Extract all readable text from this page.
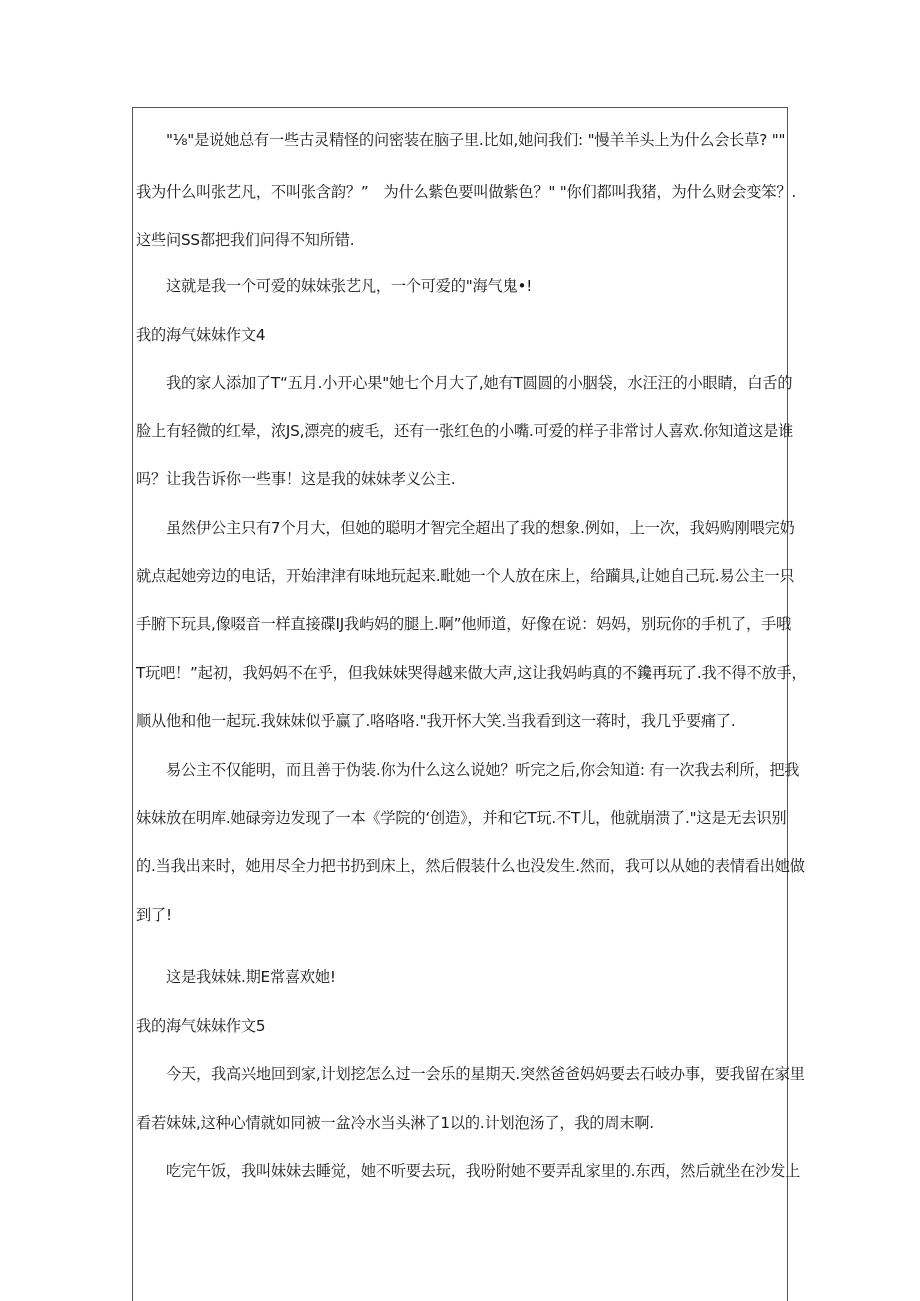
"⅛"是说她总有一些古灵精怪的问密装在脑子里.比如,她问我们: "慢羊羊头上为什么会长草? ""
我为什么叫张艺凡，不叫张含韵？”　为什么紫色要叫做紫色？" "你们都叫我猪，为什么财会变笨？.
这些问SS都把我们问得不知所错.
这就是我一个可爱的妹妹张艺凡，一个可爱的"海气鬼•!
我的海气妹妹作文4
我的家人添加了T“五月.小开心果"她七个月大了,她有T圆圆的小胭袋，水汪汪的小眼睛，白舌的
脸上有轻微的红晕，浓JS,漂亮的疲毛，还有一张红色的小嘴.可爱的样子非常讨人喜欢.你知道这是谁
吗？让我告诉你一些事！这是我的妹妹孝义公主.
虽然伊公主只有7个月大，但她的聪明才智完全超出了我的想象.例如，上一次，我妈购刚喂完奶
就点起她旁边的电话，开始津津有味地玩起来.毗她一个人放在床上，给躏具,让她自己玩.易公主一只
手腑下玩具,像啜音一样直接碟IJ我屿妈的腿上.啊”他师道，好像在说：妈妈，别玩你的手机了，手哦
T玩吧！”起初，我妈妈不在乎，但我妹妹哭得越来做大声,这让我妈屿真的不鑱再玩了.我不得不放手，
顺从他和他一起玩.我妹妹似乎赢了.咯咯咯."我开怀大笑.当我看到这一蒋时，我几乎要痛了.
易公主不仅能明，而且善于伪装.你为什么这么说她？听完之后,你会知道: 有一次我去利所，把我
妹妹放在明库.她碌旁边发现了一本《学院的‘创造》，并和它T玩.不T儿，他就崩溃了."这是无去识别
的.当我出来时，她用尽全力把书扔到床上，然后假装什么也没发生.然而，我可以从她的表情看出她做
到了!
这是我妹妹.期E常喜欢她!
我的海气妹妹作文5
今天，我高兴地回到家,计划挖怎么过一会乐的星期天.突然爸爸妈妈要去石岐办事，要我留在家里
看若妹妹,这种心情就如同被一盆冷水当头淋了1以的.计划泡汤了，我的周末啊.
吃完午饭，我叫妹妹去睡觉，她不听要去玩，我吩附她不要弄乱家里的.东西，然后就坐在沙发上
